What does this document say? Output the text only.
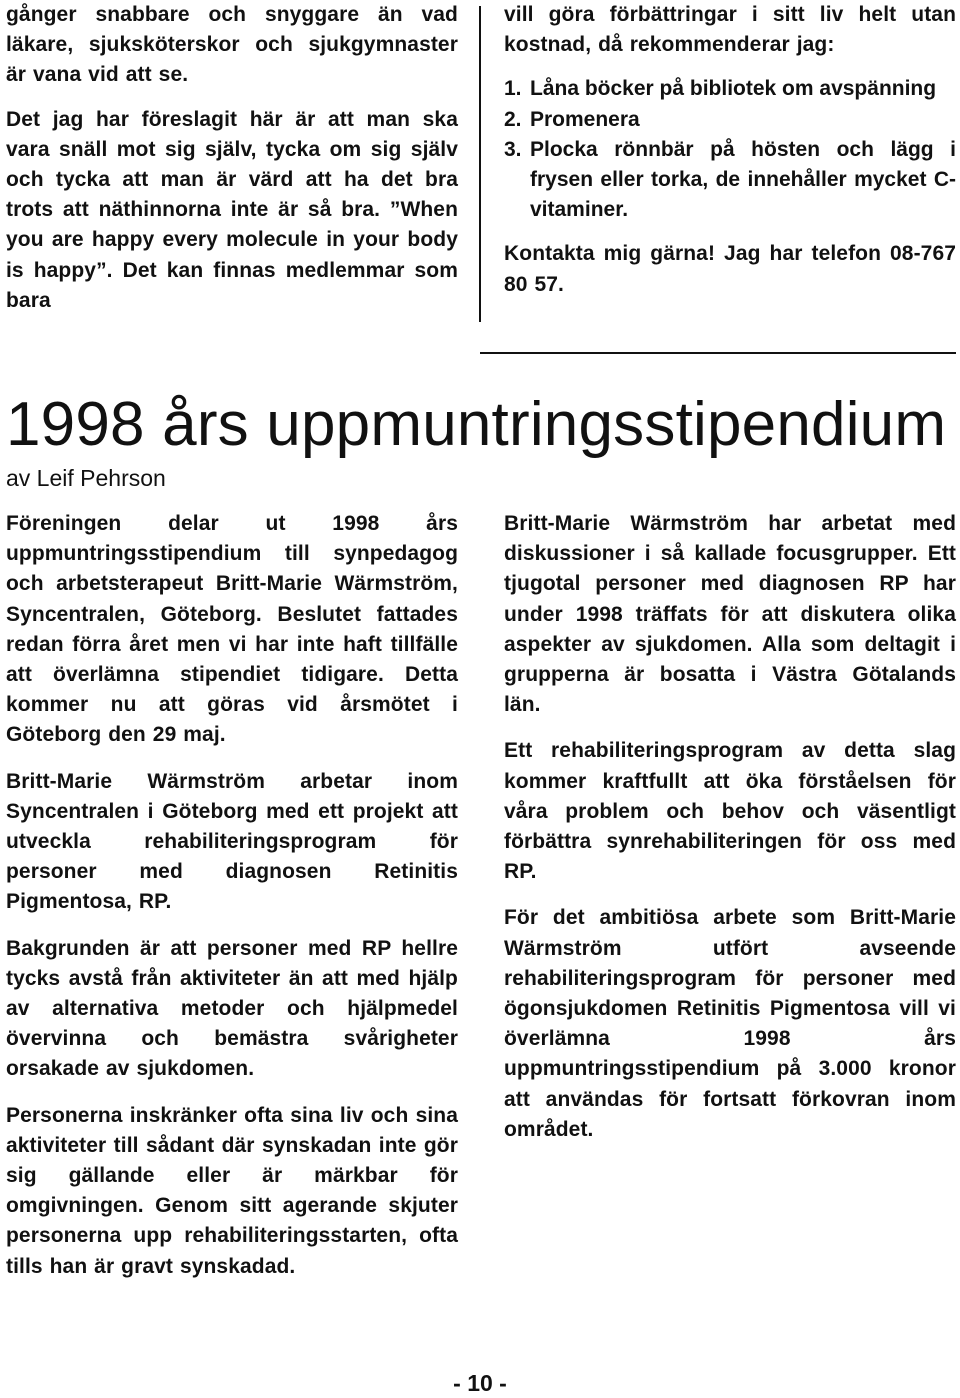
gånger snabbare och snyggare än vad läkare, sjuksköterskor och sjukgymnaster är vana vid att se.

Det jag har föreslagit här är att man ska vara snäll mot sig själv, tycka om sig själv och tycka att man är värd att ha det bra trots att näthinnorna inte är så bra. ”When you are happy every molecule in your body is happy”. Det kan finnas medlemmar som bara

vill göra förbättringar i sitt liv helt utan kostnad, då rekommenderar jag:

1. Låna böcker på bibliotek om avspänning
2. Promenera
3. Plocka rönnbär på hösten och lägg i frysen eller torka, de innehåller mycket C-vitaminer.

Kontakta mig gärna! Jag har telefon 08-767 80 57.

1998 års uppmuntringsstipendium

av Leif Pehrson

Föreningen delar ut 1998 års uppmuntringsstipendium till synpedagog och arbetsterapeut Britt-Marie Wärmström, Syncentralen, Göteborg. Beslutet fattades redan förra året men vi har inte haft tillfälle att överlämna stipendiet tidigare. Detta kommer nu att göras vid årsmötet i Göteborg den 29 maj.

Britt-Marie Wärmström arbetar inom Syncentralen i Göteborg med ett projekt att utveckla rehabiliteringsprogram för personer med diagnosen Retinitis Pigmentosa, RP.

Bakgrunden är att personer med RP hellre tycks avstå från aktiviteter än att med hjälp av alternativa metoder och hjälpmedel övervinna och bemästra svårigheter orsakade av sjukdomen.

Personerna inskränker ofta sina liv och sina aktiviteter till sådant där synskadan inte gör sig gällande eller är märkbar för omgivningen. Genom sitt agerande skjuter personerna upp rehabiliteringsstarten, ofta tills han är gravt synskadad.

Britt-Marie Wärmström har arbetat med diskussioner i så kallade focusgrupper. Ett tjugotal personer med diagnosen RP har under 1998 träffats för att diskutera olika aspekter av sjukdomen. Alla som deltagit i grupperna är bosatta i Västra Götalands län.

Ett rehabiliteringsprogram av detta slag kommer kraftfullt att öka förståelsen för våra problem och behov och väsentligt förbättra synrehabiliteringen för oss med RP.

För det ambitiösa arbete som Britt-Marie Wärmström utfört avseende rehabiliteringsprogram för personer med ögonsjukdomen Retinitis Pigmentosa vill vi överlämna 1998 års uppmuntringsstipendium på 3.000 kronor att användas för fortsatt förkovran inom området.

- 10 -
